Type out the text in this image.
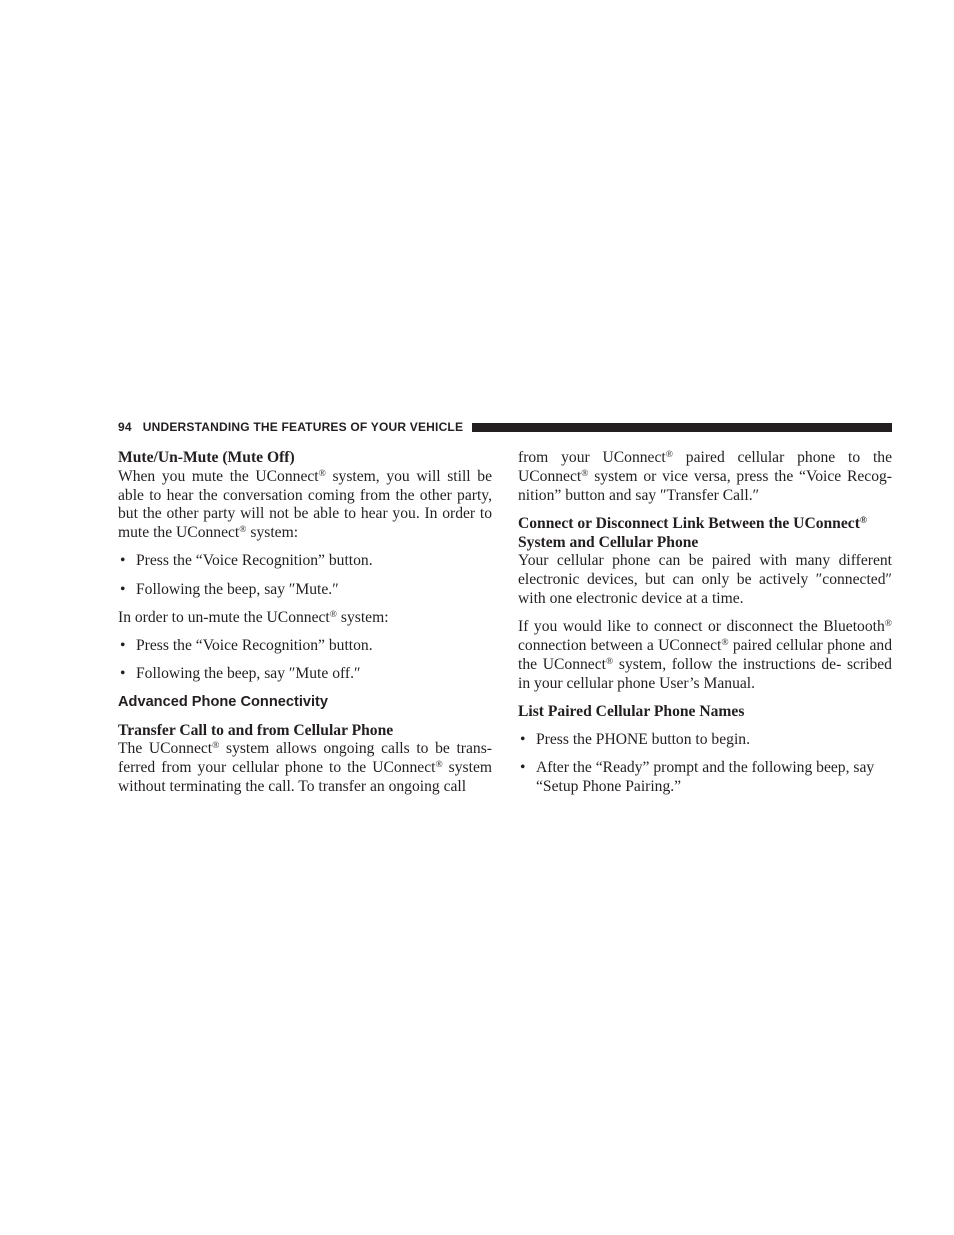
94 UNDERSTANDING THE FEATURES OF YOUR VEHICLE
Mute/Un-Mute (Mute Off)

When you mute the UConnect® system, you will still be able to hear the conversation coming from the other party, but the other party will not be able to hear you. In order to mute the UConnect® system:

• Press the “Voice Recognition” button.
• Following the beep, say ″Mute.″

In order to un-mute the UConnect® system:

• Press the “Voice Recognition” button.
• Following the beep, say ″Mute off.″
Advanced Phone Connectivity
Transfer Call to and from Cellular Phone

The UConnect® system allows ongoing calls to be trans- ferred from your cellular phone to the UConnect® system without terminating the call. To transfer an ongoing call

from your UConnect® paired cellular phone to the UConnect® system or vice versa, press the “Voice Recog- nition” button and say ″Transfer Call.″

Connect or Disconnect Link Between the UConnect® System and Cellular Phone

Your cellular phone can be paired with many different electronic devices, but can only be actively ″connected″ with one electronic device at a time.

If you would like to connect or disconnect the Bluetooth® connection between a UConnect® paired cellular phone and the UConnect® system, follow the instructions de- scribed in your cellular phone User’s Manual.

List Paired Cellular Phone Names
• Press the PHONE button to begin.
• After the “Ready” prompt and the following beep, say “Setup Phone Pairing.”
